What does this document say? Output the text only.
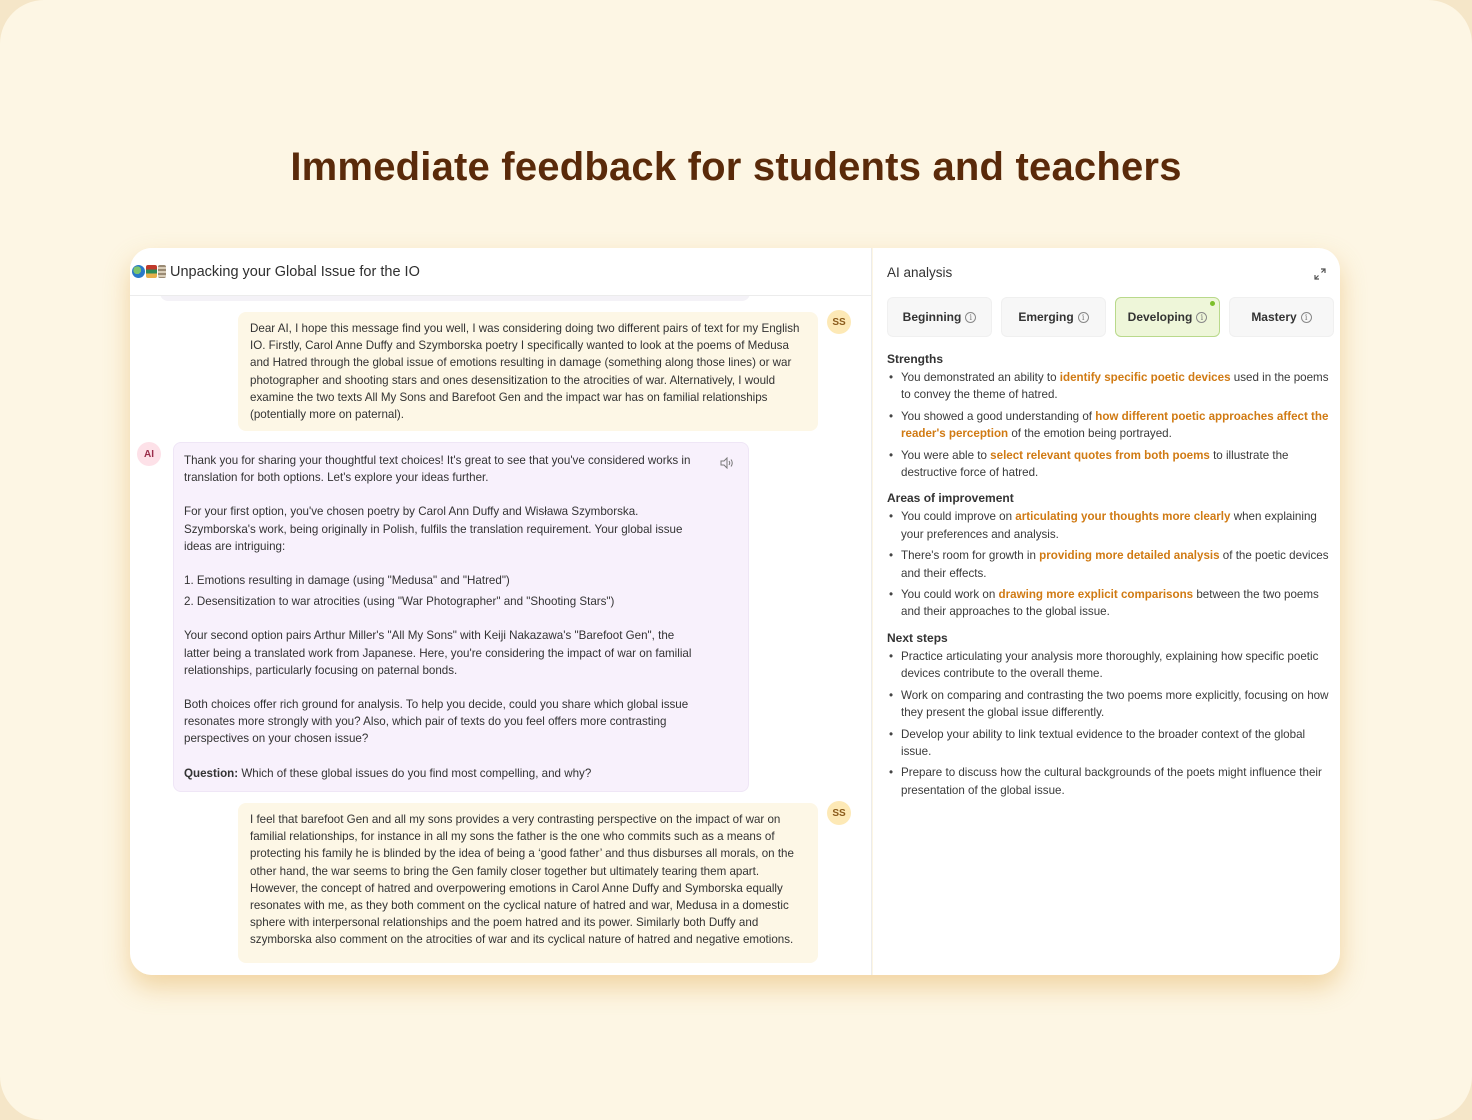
Immediate feedback for students and teachers
Unpacking your Global Issue for the IO

Dear AI, I hope this message find you well, I was considering doing two different pairs of text for my English IO. Firstly, Carol Anne Duffy and Szymborska poetry I specifically wanted to look at the poems of Medusa and Hatred through the global issue of emotions resulting in damage (something along those lines) or war photographer and shooting stars and ones desensitization to the atrocities of war. Alternatively, I would examine the two texts All My Sons and Barefoot Gen and the impact war has on familial relationships (potentially more on paternal).

SS
AI	Thank you for sharing your thoughtful text choices! It's great to see that you've considered works in translation for both options. Let's explore your ideas further.

For your first option, you've chosen poetry by Carol Ann Duffy and Wisława Szymborska. Szymborska's work, being originally in Polish, fulfils the translation requirement. Your global issue ideas are intriguing:

1. Emotions resulting in damage (using "Medusa" and "Hatred")

2. Desensitization to war atrocities (using "War Photographer" and "Shooting Stars")

Your second option pairs Arthur Miller's "All My Sons" with Keiji Nakazawa's "Barefoot Gen", the latter being a translated work from Japanese. Here, you're considering the impact of war on familial relationships, particularly focusing on paternal bonds.

Both choices offer rich ground for analysis. To help you decide, could you share which global issue resonates more strongly with you? Also, which pair of texts do you feel offers more contrasting perspectives on your chosen issue?

Question: Which of these global issues do you find most compelling, and why?

I feel that barefoot Gen and all my sons provides a very contrasting perspective on the impact of war on familial relationships, for instance in all my sons the father is the one who commits such as a means of protecting his family he is blinded by the idea of being a ‘good father’ and thus disburses all morals, on the other hand, the war seems to bring the Gen family closer together but ultimately tearing them apart. However, the concept of hatred and overpowering emotions in Carol Anne Duffy and Symborska equally resonates with me, as they both comment on the cyclical nature of hatred and war, Medusa in a domestic sphere with interpersonal relationships and the poem hatred and its power. Similarly both Duffy and szymborska also comment on the atrocities of war and its cyclical nature of hatred and negative emotions.

SS
AI analysis
Beginning	i	Emerging	i	Developing	i	Mastery	i
Strengths
• You demonstrated an ability to identify specific poetic devices used in the poems to convey the theme of hatred.
• You showed a good understanding of how different poetic approaches affect the reader's perception of the emotion being portrayed.
• You were able to select relevant quotes from both poems to illustrate the destructive force of hatred.
Areas of improvement
• You could improve on articulating your thoughts more clearly when explaining your preferences and analysis.
• There's room for growth in providing more detailed analysis of the poetic devices and their effects.
• You could work on drawing more explicit comparisons between the two poems and their approaches to the global issue.
Next steps
• Practice articulating your analysis more thoroughly, explaining how specific poetic devices contribute to the overall theme.
• Work on comparing and contrasting the two poems more explicitly, focusing on how they present the global issue differently.
• Develop your ability to link textual evidence to the broader context of the global issue.
• Prepare to discuss how the cultural backgrounds of the poets might influence their presentation of the global issue.
